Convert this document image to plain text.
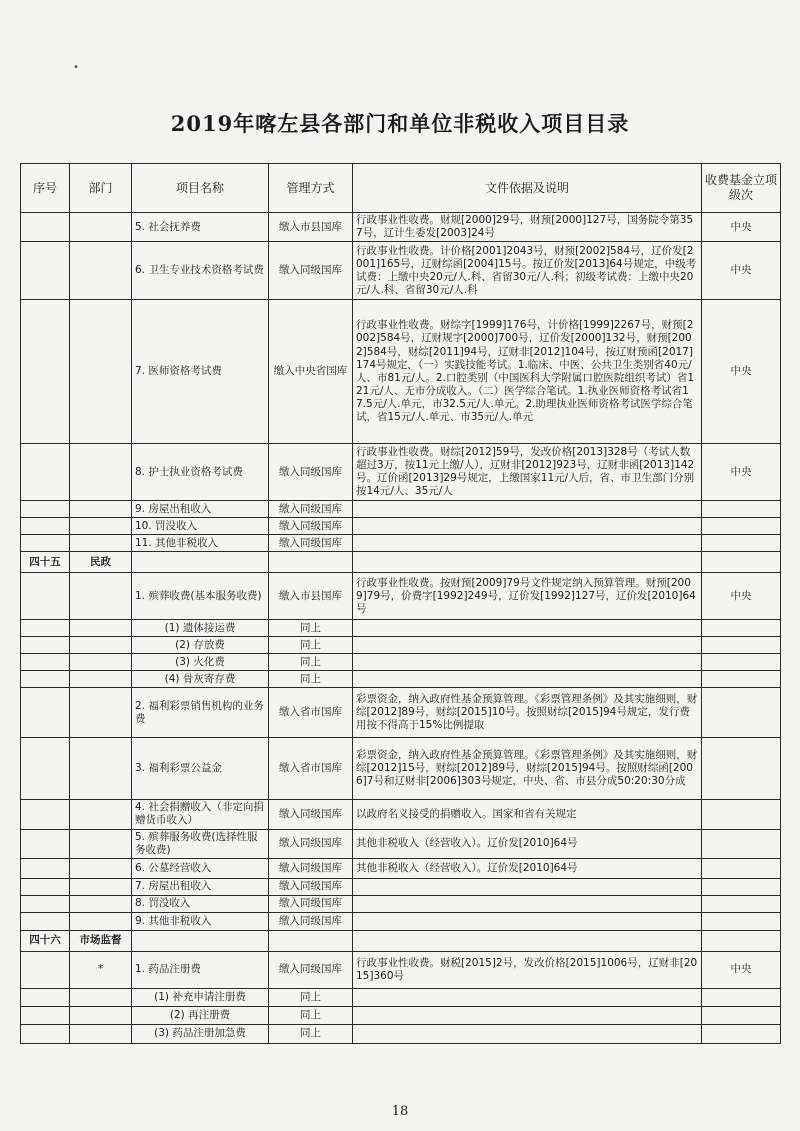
•
2019年喀左县各部门和单位非税收入项目目录
序号	部门	项目名称	管理方式	文件依据及说明	收费基金立项级次
		5. 社会抚养费	缴入市县国库	行政事业性收费。财规[2000]29号，财预[2000]127号，国务院令第357号，辽计生委发[2003]24号	中央
		6. 卫生专业技术资格考试费	缴入同级国库	行政事业性收费。计价格[2001]2043号，财预[2002]584号，辽价发[2001]165号，辽财综函[2004]15号。按辽价发[2013]64号规定，中级考试费：上缴中央20元/人.科、省留30元/人.科；初级考试费：上缴中央20元/人.科、省留30元/人.科	中央
		7. 医师资格考试费	缴入中央省国库	行政事业性收费。财综字[1999]176号，计价格[1999]2267号，财预[2002]584号，辽财规字[2000]700号，辽价发[2000]132号，财预[2002]584号，财综[2011]94号，辽财非[2012]104号，按辽财预函[2017]174号规定，（一）实践技能考试。1.临床、中医、公共卫生类别省40元/人、市81元/人。2.口腔类别（中国医科大学附属口腔医院组织考试）省121元/人、无市分成收入。（二）医学综合笔试。1.执业医师资格考试省17.5元/人.单元，市32.5元/人.单元。2.助理执业医师资格考试医学综合笔试，省15元/人.单元、市35元/人.单元	中央
		8. 护士执业资格考试费	缴入同级国库	行政事业性收费。财综[2012]59号，发改价格[2013]328号（考试人数超过3万，按11元上缴/人），辽财非[2012]923号，辽财非函[2013]142号。辽价函[2013]29号规定，上缴国家11元/人后，省、市卫生部门分别按14元/人、35元/人	中央
		9. 房屋出租收入	缴入同级国库		
		10. 罚没收入	缴入同级国库		
		11. 其他非税收入	缴入同级国库		
四十五	民政				
		1. 殡葬收费(基本服务收费)	缴入市县国库	行政事业性收费。按财预[2009]79号文件规定纳入预算管理。财预[2009]79号，价费字[1992]249号，辽价发[1992]127号，辽价发[2010]64号	中央
		(1) 遗体接运费	同上		
		(2) 存放费	同上		
		(3) 火化费	同上		
		(4) 骨灰寄存费	同上		
		2. 福利彩票销售机构的业务费	缴入省市国库	彩票资金，纳入政府性基金预算管理。《彩票管理条例》及其实施细则，财综[2012]89号，财综[2015]10号。按照财综[2015]94号规定，发行费用按不得高于15%比例提取	
		3. 福利彩票公益金	缴入省市国库	彩票资金，纳入政府性基金预算管理。《彩票管理条例》及其实施细则，财综[2012]15号，财综[2012]89号，财综[2015]94号。按照财综函[2006]7号和辽财非[2006]303号规定，中央、省、市县分成50:20:30分成	
		4. 社会捐赠收入（非定向捐赠货币收入）	缴入同级国库	以政府名义接受的捐赠收入。国家和省有关规定	
		5. 殡葬服务收费(选择性服务收费)	缴入同级国库	其他非税收入（经营收入）。辽价发[2010]64号	
		6. 公墓经营收入	缴入同级国库	其他非税收入（经营收入）。辽价发[2010]64号	
		7. 房屋出租收入	缴入同级国库		
		8. 罚没收入	缴入同级国库		
		9. 其他非税收入	缴入同级国库		
四十六	市场监督				
	*	1. 药品注册费	缴入同级国库	行政事业性收费。财税[2015]2号，发改价格[2015]1006号，辽财非[2015]360号	中央
		(1) 补充申请注册费	同上		
		(2) 再注册费	同上		
		(3) 药品注册加急费	同上		
18
